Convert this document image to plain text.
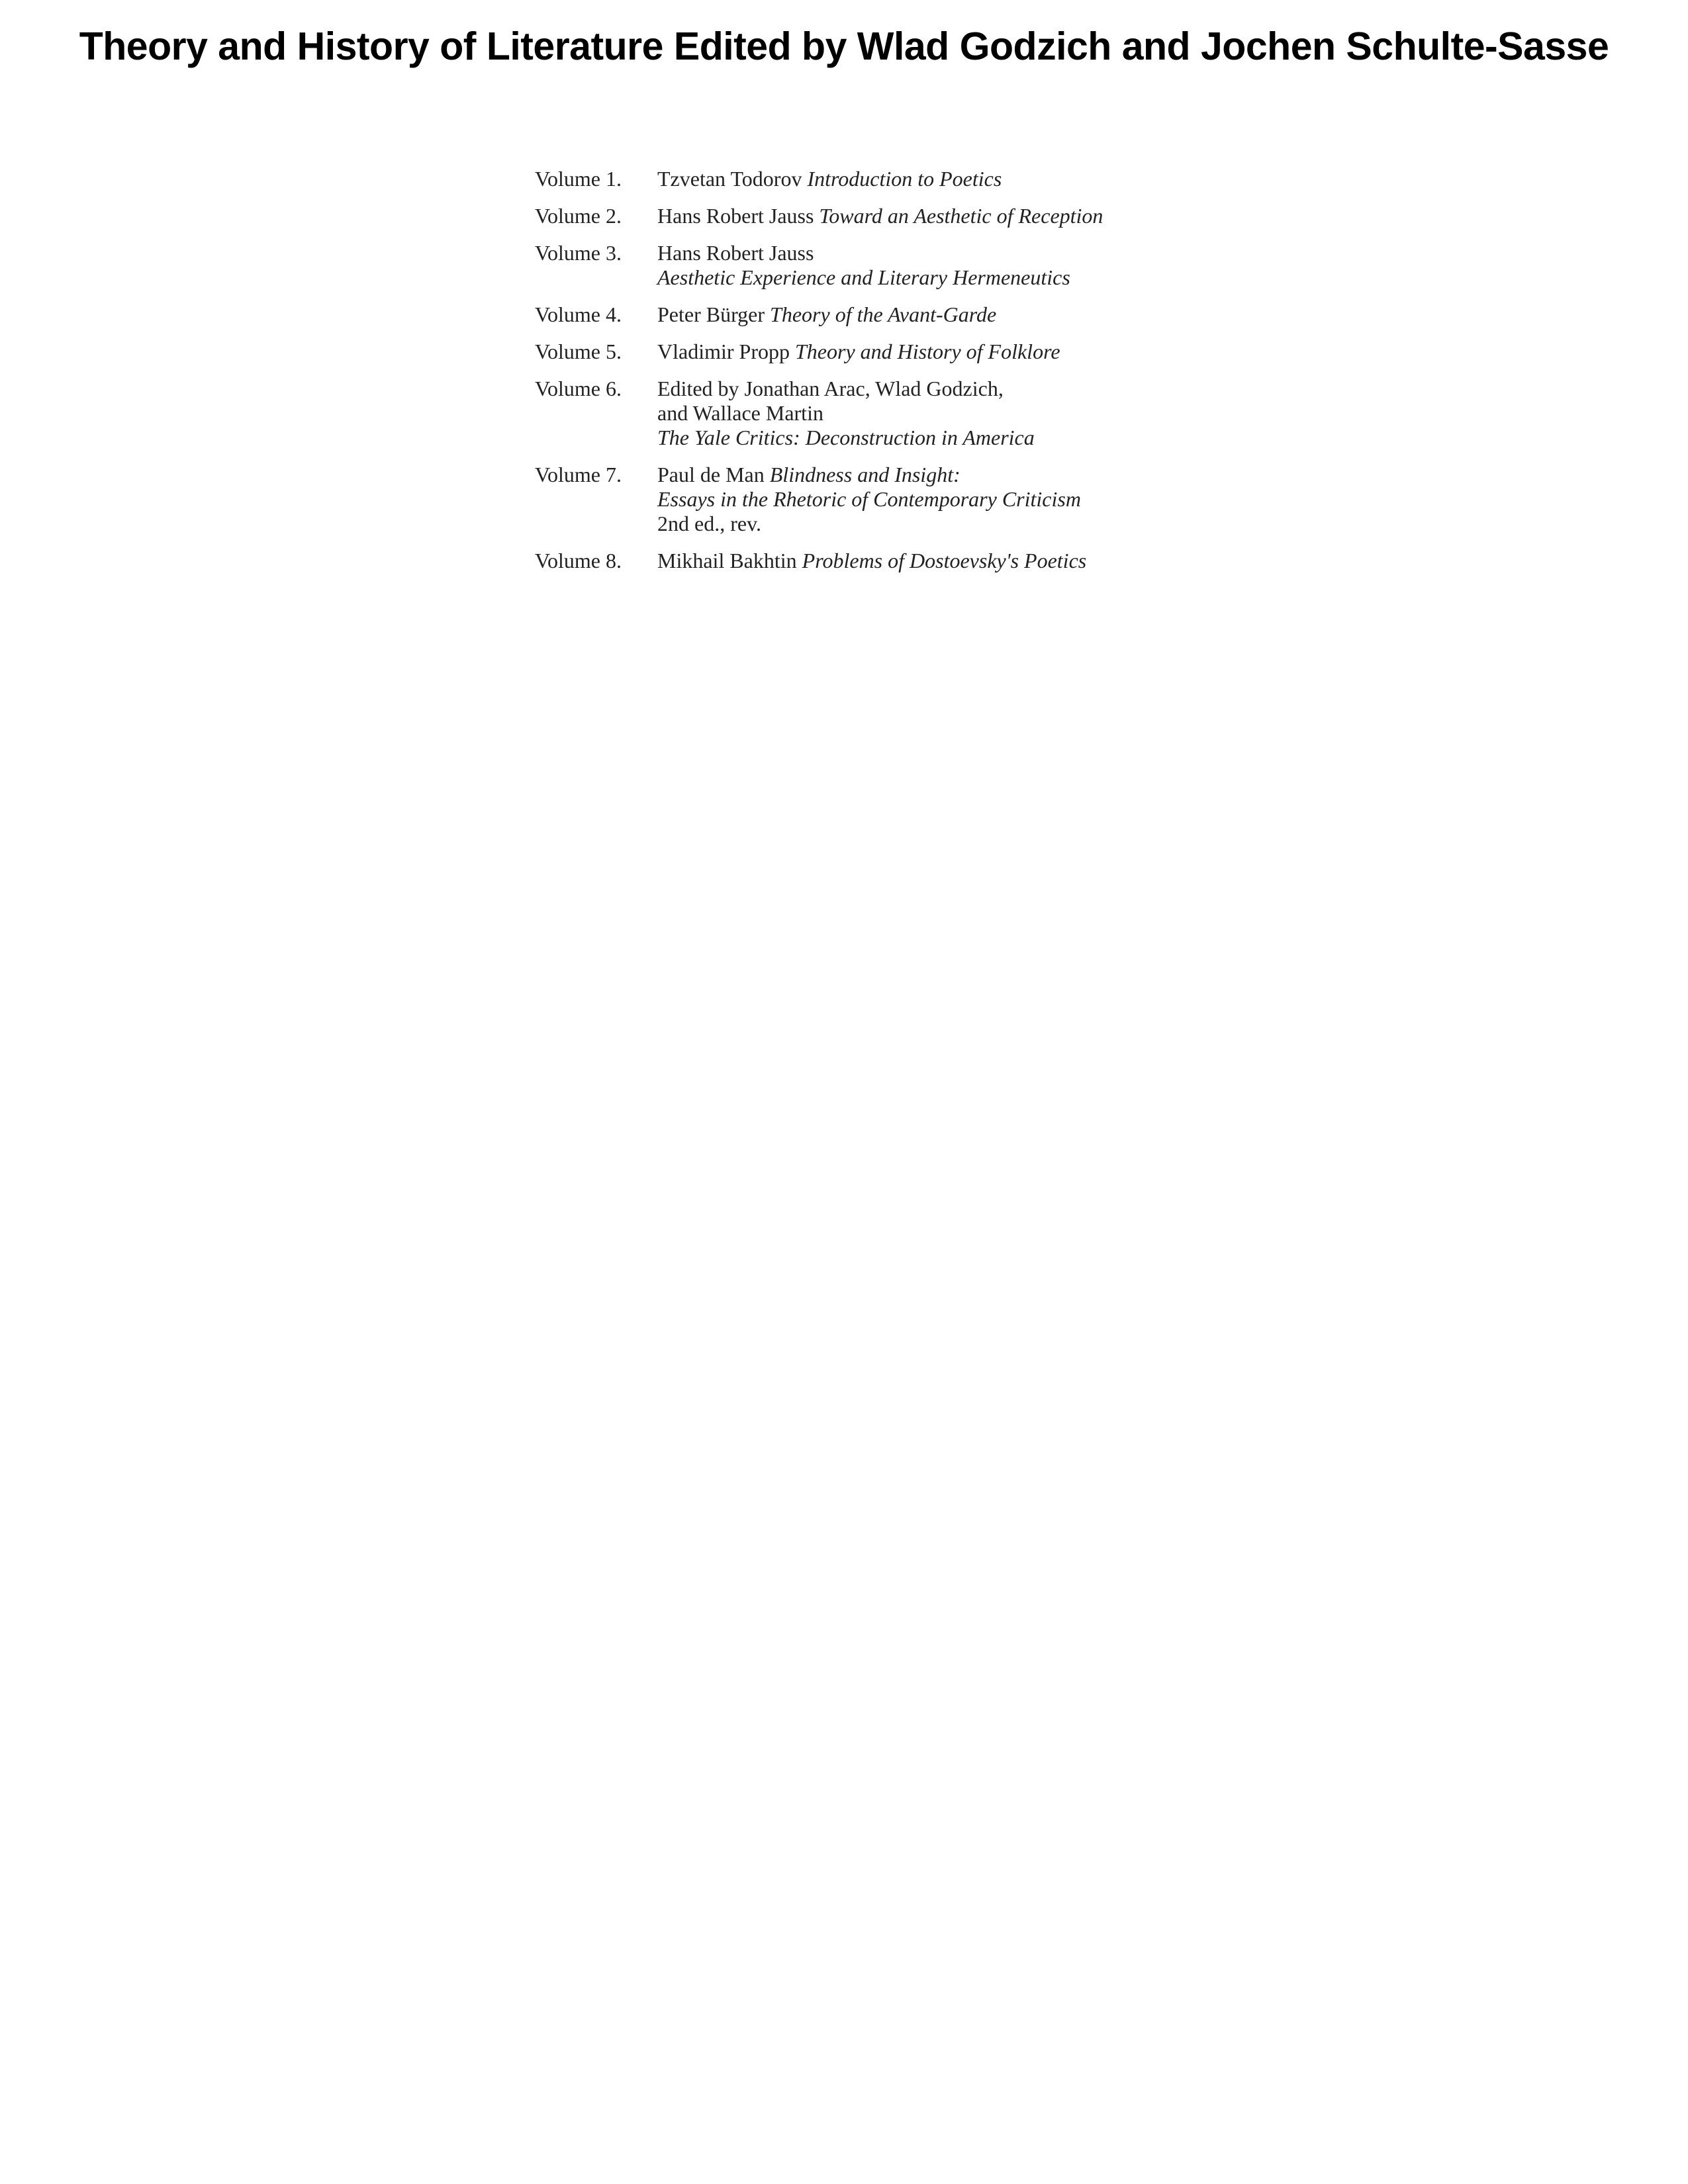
Theory and History of Literature Edited by Wlad Godzich and Jochen Schulte-Sasse
Volume 1.	Tzvetan Todorov Introduction to Poetics
Volume 2.	Hans Robert Jauss Toward an Aesthetic of Reception
Volume 3.	Hans Robert Jauss
Aesthetic Experience and Literary Hermeneutics
Volume 4.	Peter Bürger Theory of the Avant-Garde
Volume 5.	Vladimir Propp Theory and History of Folklore
Volume 6.	Edited by Jonathan Arac, Wlad Godzich,
and Wallace Martin
The Yale Critics: Deconstruction in America
Volume 7.	Paul de Man Blindness and Insight:
Essays in the Rhetoric of Contemporary Criticism
2nd ed., rev.
Volume 8.	Mikhail Bakhtin Problems of Dostoevsky's Poetics
